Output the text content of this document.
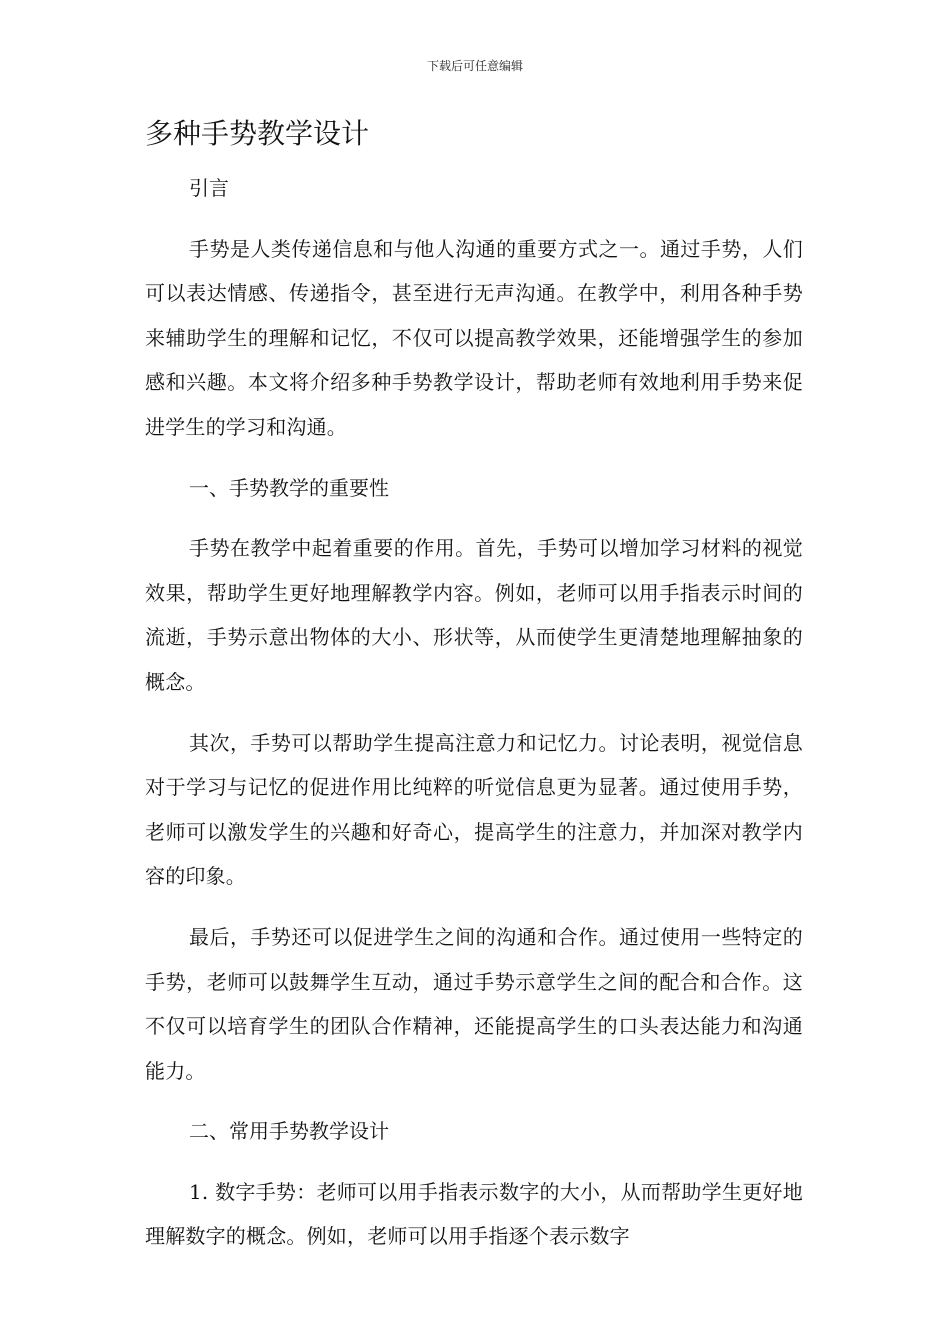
下载后可任意编辑
多种手势教学设计

引言

手势是人类传递信息和与他人沟通的重要方式之一。通过手势，人们可以表达情感、传递指令，甚至进行无声沟通。在教学中，利用各种手势来辅助学生的理解和记忆，不仅可以提高教学效果，还能增强学生的参加感和兴趣。本文将介绍多种手势教学设计，帮助老师有效地利用手势来促进学生的学习和沟通。

一、手势教学的重要性

手势在教学中起着重要的作用。首先，手势可以增加学习材料的视觉效果，帮助学生更好地理解教学内容。例如，老师可以用手指表示时间的流逝，手势示意出物体的大小、形状等，从而使学生更清楚地理解抽象的概念。

其次，手势可以帮助学生提高注意力和记忆力。讨论表明，视觉信息对于学习与记忆的促进作用比纯粹的听觉信息更为显著。通过使用手势，老师可以激发学生的兴趣和好奇心，提高学生的注意力，并加深对教学内容的印象。

最后，手势还可以促进学生之间的沟通和合作。通过使用一些特定的手势，老师可以鼓舞学生互动，通过手势示意学生之间的配合和合作。这不仅可以培育学生的团队合作精神，还能提高学生的口头表达能力和沟通能力。

二、常用手势教学设计

1. 数字手势：老师可以用手指表示数字的大小，从而帮助学生更好地理解数字的概念。例如，老师可以用手指逐个表示数字
